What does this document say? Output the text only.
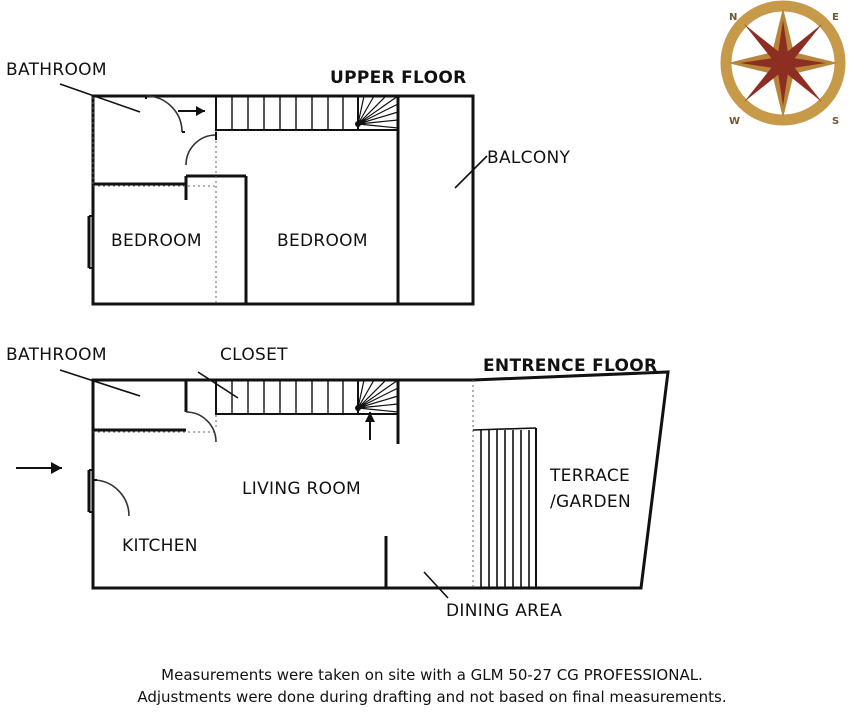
N	E
W	S
BATHROOM	UPPER FLOOR
BALCONY
BEDROOM	BEDROOM
BATHROOM	CLOSET
ENTRENCE FLOOR
TERRACE
/GARDEN
LIVING ROOM
KITCHEN
DINING AREA
Measurements were taken on site with a GLM 50-27 CG PROFESSIONAL.
Adjustments were done during drafting and not based on final measurements.
